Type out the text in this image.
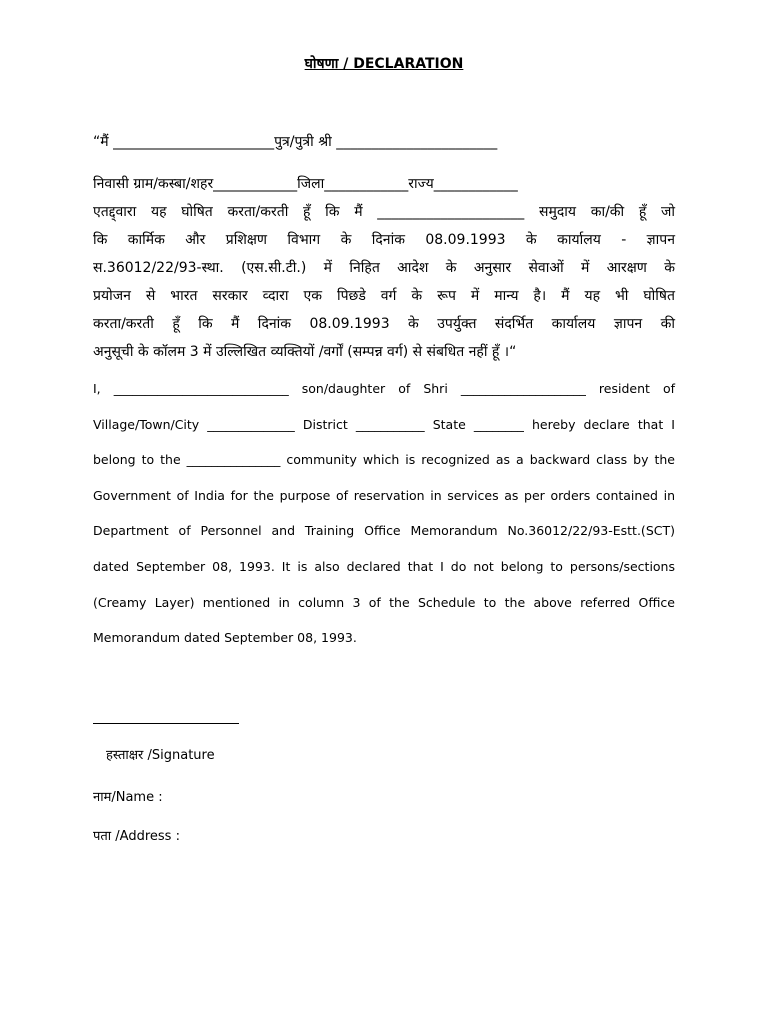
घोषणा / DECLARATION
“मैं _______________________पुत्र/पुत्री श्री _______________________
निवासी ग्राम/कस्बा/शहर____________जिला____________राज्य____________
एतद्द्वारा यह घोषित करता/करती हूँ कि मैं _____________________ समुदाय का/की हूँ जो
कि कार्मिक और प्रशिक्षण विभाग के दिनांक 08.09.1993 के कार्यालय - ज्ञापन
स.36012/22/93-स्था. (एस.सी.टी.) में निहित आदेश के अनुसार सेवाओं में आरक्षण के
प्रयोजन से भारत सरकार व्दारा एक पिछडे वर्ग के रूप में मान्य है। मैं यह भी घोषित
करता/करती हूँ कि मैं दिनांक 08.09.1993 के उपर्युक्त संदर्भित कार्यालय ज्ञापन की
अनुसूची के कॉलम 3 में उल्लिखित व्यक्तियों /वर्गों (सम्पन्न वर्ग) से संबधित नहीं हूँ ।“
I, ____________________________ son/daughter of Shri ____________________ resident of
Village/Town/City ______________ District ___________ State ________ hereby declare that I
belong to the _______________ community which is recognized as a backward class by the
Government of India for the purpose of reservation in services as per orders contained in
Department of Personnel and Training Office Memorandum No.36012/22/93-Estt.(SCT)
dated September 08, 1993. It is also declared that I do not belong to persons/sections
(Creamy Layer) mentioned in column 3 of the Schedule to the above referred Office
Memorandum dated September 08, 1993.
हस्ताक्षर /Signature
नाम/Name :
पता /Address :
